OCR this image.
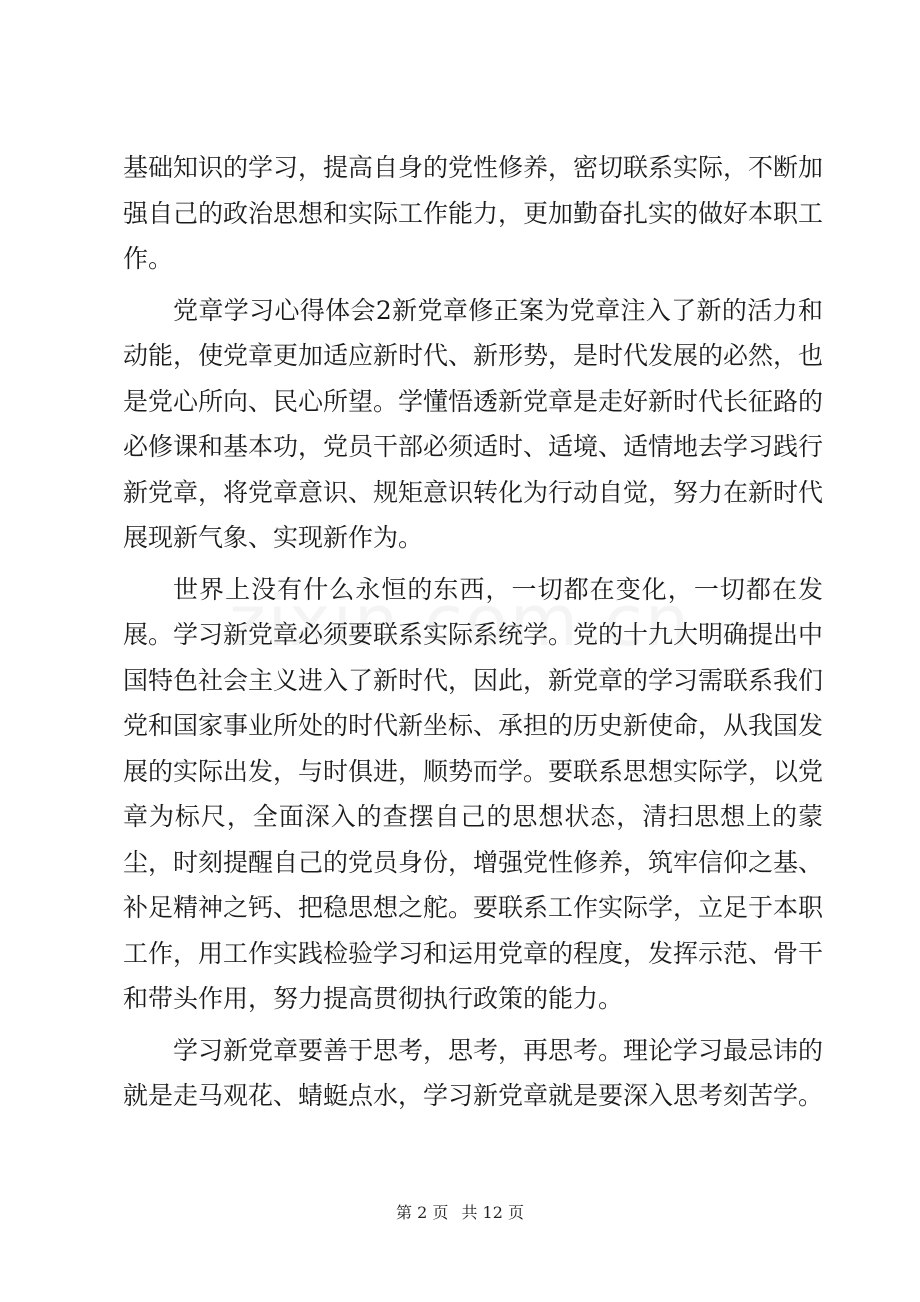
基础知识的学习，提高自身的党性修养，密切联系实际，不断加强自己的政治思想和实际工作能力，更加勤奋扎实的做好本职工作。

党章学习心得体会2新党章修正案为党章注入了新的活力和动能，使党章更加适应新时代、新形势，是时代发展的必然，也是党心所向、民心所望。学懂悟透新党章是走好新时代长征路的必修课和基本功，党员干部必须适时、适境、适情地去学习践行新党章，将党章意识、规矩意识转化为行动自觉，努力在新时代展现新气象、实现新作为。

世界上没有什么永恒的东西，一切都在变化，一切都在发展。学习新党章必须要联系实际系统学。党的十九大明确提出中国特色社会主义进入了新时代，因此，新党章的学习需联系我们党和国家事业所处的时代新坐标、承担的历史新使命，从我国发展的实际出发，与时俱进，顺势而学。要联系思想实际学，以党章为标尺，全面深入的查摆自己的思想状态，清扫思想上的蒙尘，时刻提醒自己的党员身份，增强党性修养，筑牢信仰之基、补足精神之钙、把稳思想之舵。要联系工作实际学，立足于本职工作，用工作实践检验学习和运用党章的程度，发挥示范、骨干和带头作用，努力提高贯彻执行政策的能力。

学习新党章要善于思考，思考，再思考。理论学习最忌讳的就是走马观花、蜻蜓点水，学习新党章就是要深入思考刻苦学。

第 2 页 共 12 页
